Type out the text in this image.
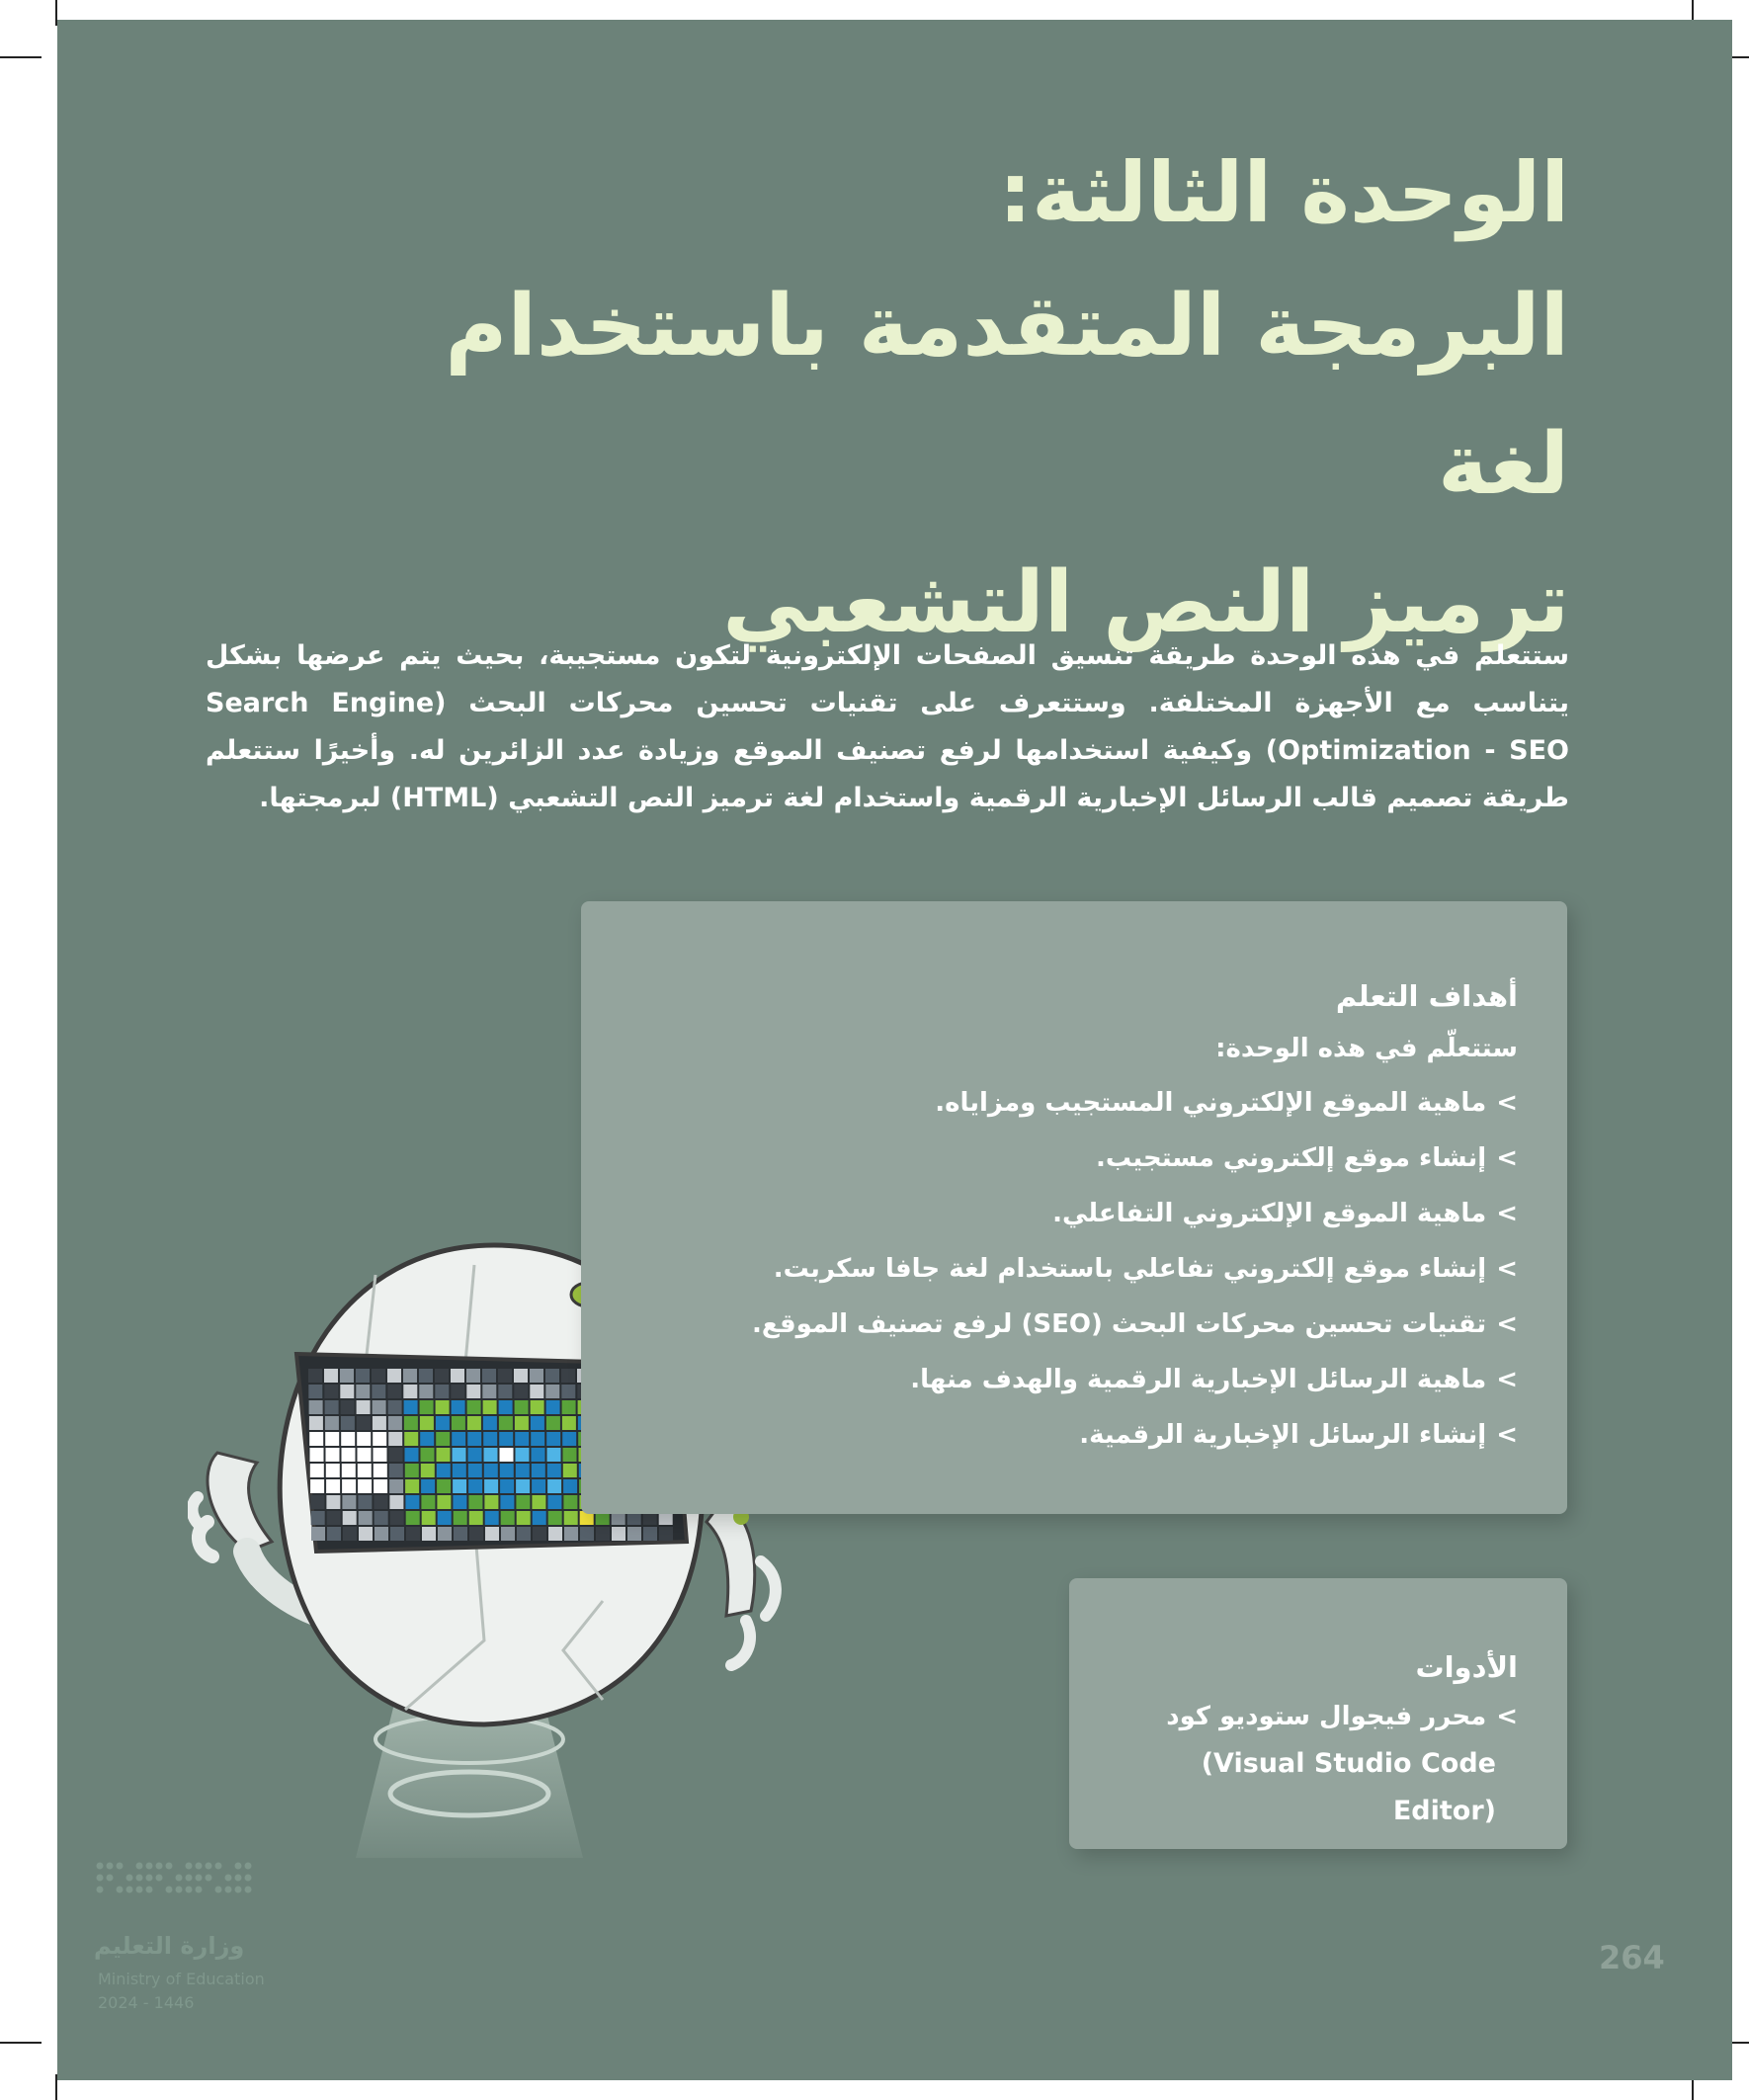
الوحدة الثالثة:
البرمجة المتقدمة باستخدام لغة
ترميز النص التشعبي
ستتعلم في هذه الوحدة طريقة تنسيق الصفحات الإلكترونية لتكون مستجيبة، بحيث يتم عرضها بشكل يتناسب مع الأجهزة المختلفة. وستتعرف على تقنيات تحسين محركات البحث (Search Engine Optimization - SEO) وكيفية استخدامها لرفع تصنيف الموقع وزيادة عدد الزائرين له. وأخيرًا ستتعلم طريقة تصميم قالب الرسائل الإخبارية الرقمية واستخدام لغة ترميز النص التشعبي (HTML) لبرمجتها.
أهداف التعلم
ستتعلّم في هذه الوحدة:
>ماهية الموقع الإلكتروني المستجيب ومزاياه.
>إنشاء موقع إلكتروني مستجيب.
>ماهية الموقع الإلكتروني التفاعلي.
>إنشاء موقع إلكتروني تفاعلي باستخدام لغة جافا سكربت.
>تقنيات تحسين محركات البحث (SEO) لرفع تصنيف الموقع.
>ماهية الرسائل الإخبارية الرقمية والهدف منها.
>إنشاء الرسائل الإخبارية الرقمية.
الأدوات
>محرر فيجوال ستوديو كود
(Visual Studio Code Editor)
وزارة التعليم
Ministry of Education
2024 - 1446
264
